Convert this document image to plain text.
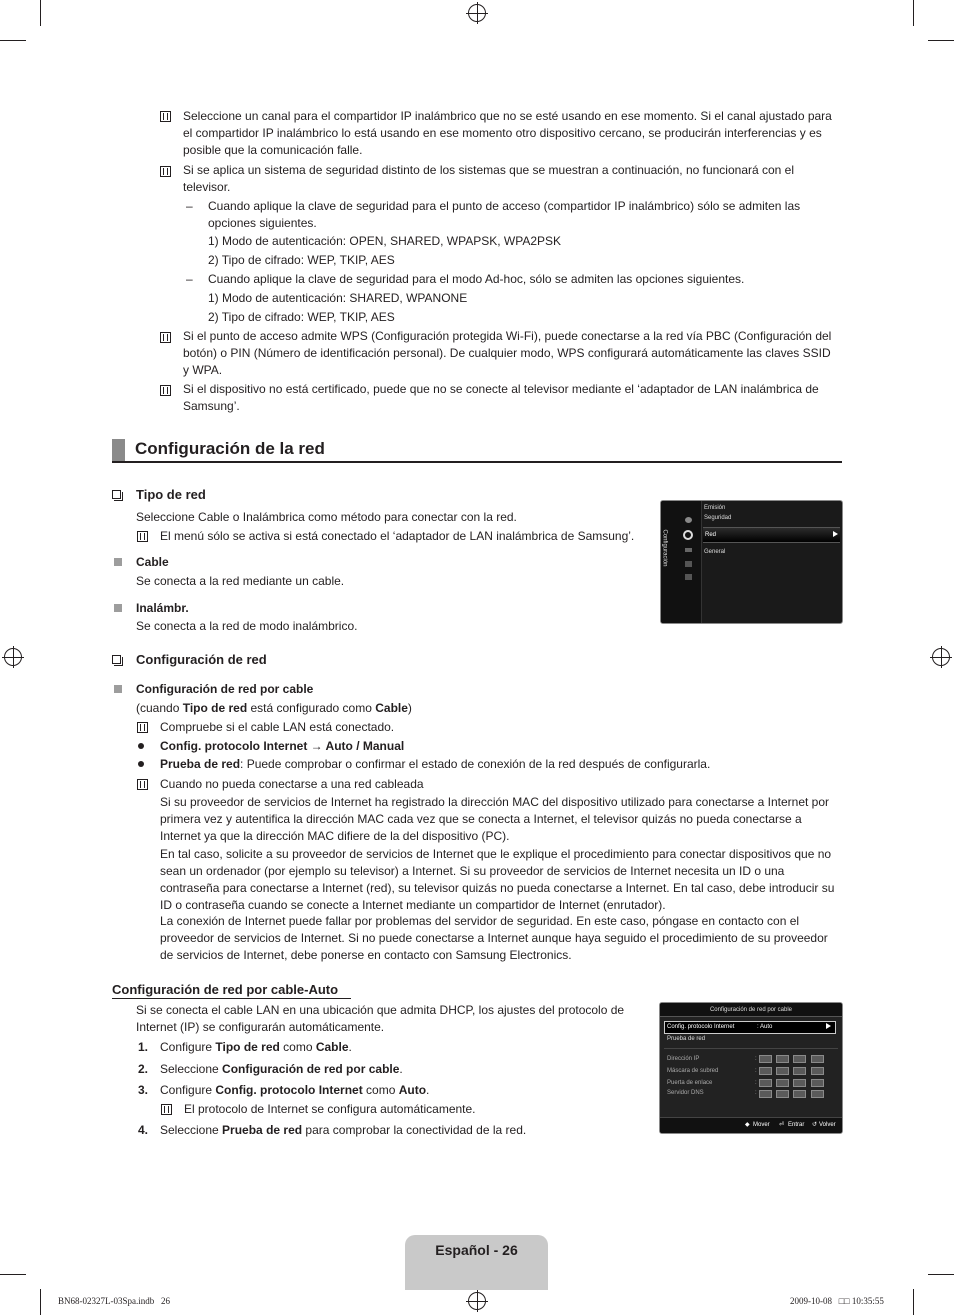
Seleccione un canal para el compartidor IP inalámbrico que no se esté usando en ese momento. Si el canal ajustado para el compartidor IP inalámbrico lo está usando en ese momento otro dispositivo cercano, se producirán interferencias y es posible que la comunicación falle.
Si se aplica un sistema de seguridad distinto de los sistemas que se muestran a continuación, no funcionará con el televisor.
– Cuando aplique la clave de seguridad para el punto de acceso (compartidor IP inalámbrico) sólo se admiten las opciones siguientes.
1) Modo de autenticación: OPEN, SHARED, WPAPSK, WPA2PSK
2) Tipo de cifrado: WEP, TKIP, AES
– Cuando aplique la clave de seguridad para el modo Ad-hoc, sólo se admiten las opciones siguientes.
1) Modo de autenticación: SHARED, WPANONE
2) Tipo de cifrado: WEP, TKIP, AES
Si el punto de acceso admite WPS (Configuración protegida Wi-Fi), puede conectarse a la red vía PBC (Configuración del botón) o PIN (Número de identificación personal). De cualquier modo, WPS configurará automáticamente las claves SSID y WPA.
Si el dispositivo no está certificado, puede que no se conecte al televisor mediante el ‘adaptador de LAN inalámbrica de Samsung’.
Configuración de la red
Tipo de red
Seleccione Cable o Inalámbrica como método para conectar con la red.
El menú sólo se activa si está conectado el ‘adaptador de LAN inalámbrica de Samsung’.
Cable
Se conecta a la red mediante un cable.
Inalámbr.
Se conecta a la red de modo inalámbrico.
Configuración
Emisión
Seguridad
Red
General
Configuración de red
Configuración de red por cable
(cuando Tipo de red está configurado como Cable)
Compruebe si el cable LAN está conectado.
Config. protocolo Internet → Auto / Manual
Prueba de red: Puede comprobar o confirmar el estado de conexión de la red después de configurarla.
Cuando no pueda conectarse a una red cableada
Si su proveedor de servicios de Internet ha registrado la dirección MAC del dispositivo utilizado para conectarse a Internet por primera vez y autentifica la dirección MAC cada vez que se conecta a Internet, el televisor quizás no pueda conectarse a Internet ya que la dirección MAC difiere de la del dispositivo (PC).
En tal caso, solicite a su proveedor de servicios de Internet que le explique el procedimiento para conectar dispositivos que no sean un ordenador (por ejemplo su televisor) a Internet. Si su proveedor de servicios de Internet necesita un ID o una contraseña para conectarse a Internet (red), su televisor quizás no pueda conectarse a Internet. En tal caso, debe introducir su ID o contraseña cuando se conecte a Internet mediante un compartidor de Internet (enrutador).
La conexión de Internet puede fallar por problemas del servidor de seguridad. En este caso, póngase en contacto con el proveedor de servicios de Internet. Si no puede conectarse a Internet aunque haya seguido el procedimiento de su proveedor de servicios de Internet, debe ponerse en contacto con Samsung Electronics.
Configuración de red por cable-Auto
Si se conecta el cable LAN en una ubicación que admita DHCP, los ajustes del protocolo de Internet (IP) se configurarán automáticamente.
1. Configure Tipo de red como Cable.
2. Seleccione Configuración de red por cable.
3. Configure Config. protocolo Internet como Auto.
El protocolo de Internet se configura automáticamente.
4. Seleccione Prueba de red para comprobar la conectividad de la red.
Configuración de red por cable
Config. protocolo Internet	: Auto
Prueba de red
Dirección IP	:
Máscara de subred	:
Puerta de enlace	:
Servidor DNS	:
◆ Mover ⏎ Entrar ↺ Volver
Español - 26
BN68-02327L-03Spa.indb   26	2009-10-08   □□ 10:35:55
